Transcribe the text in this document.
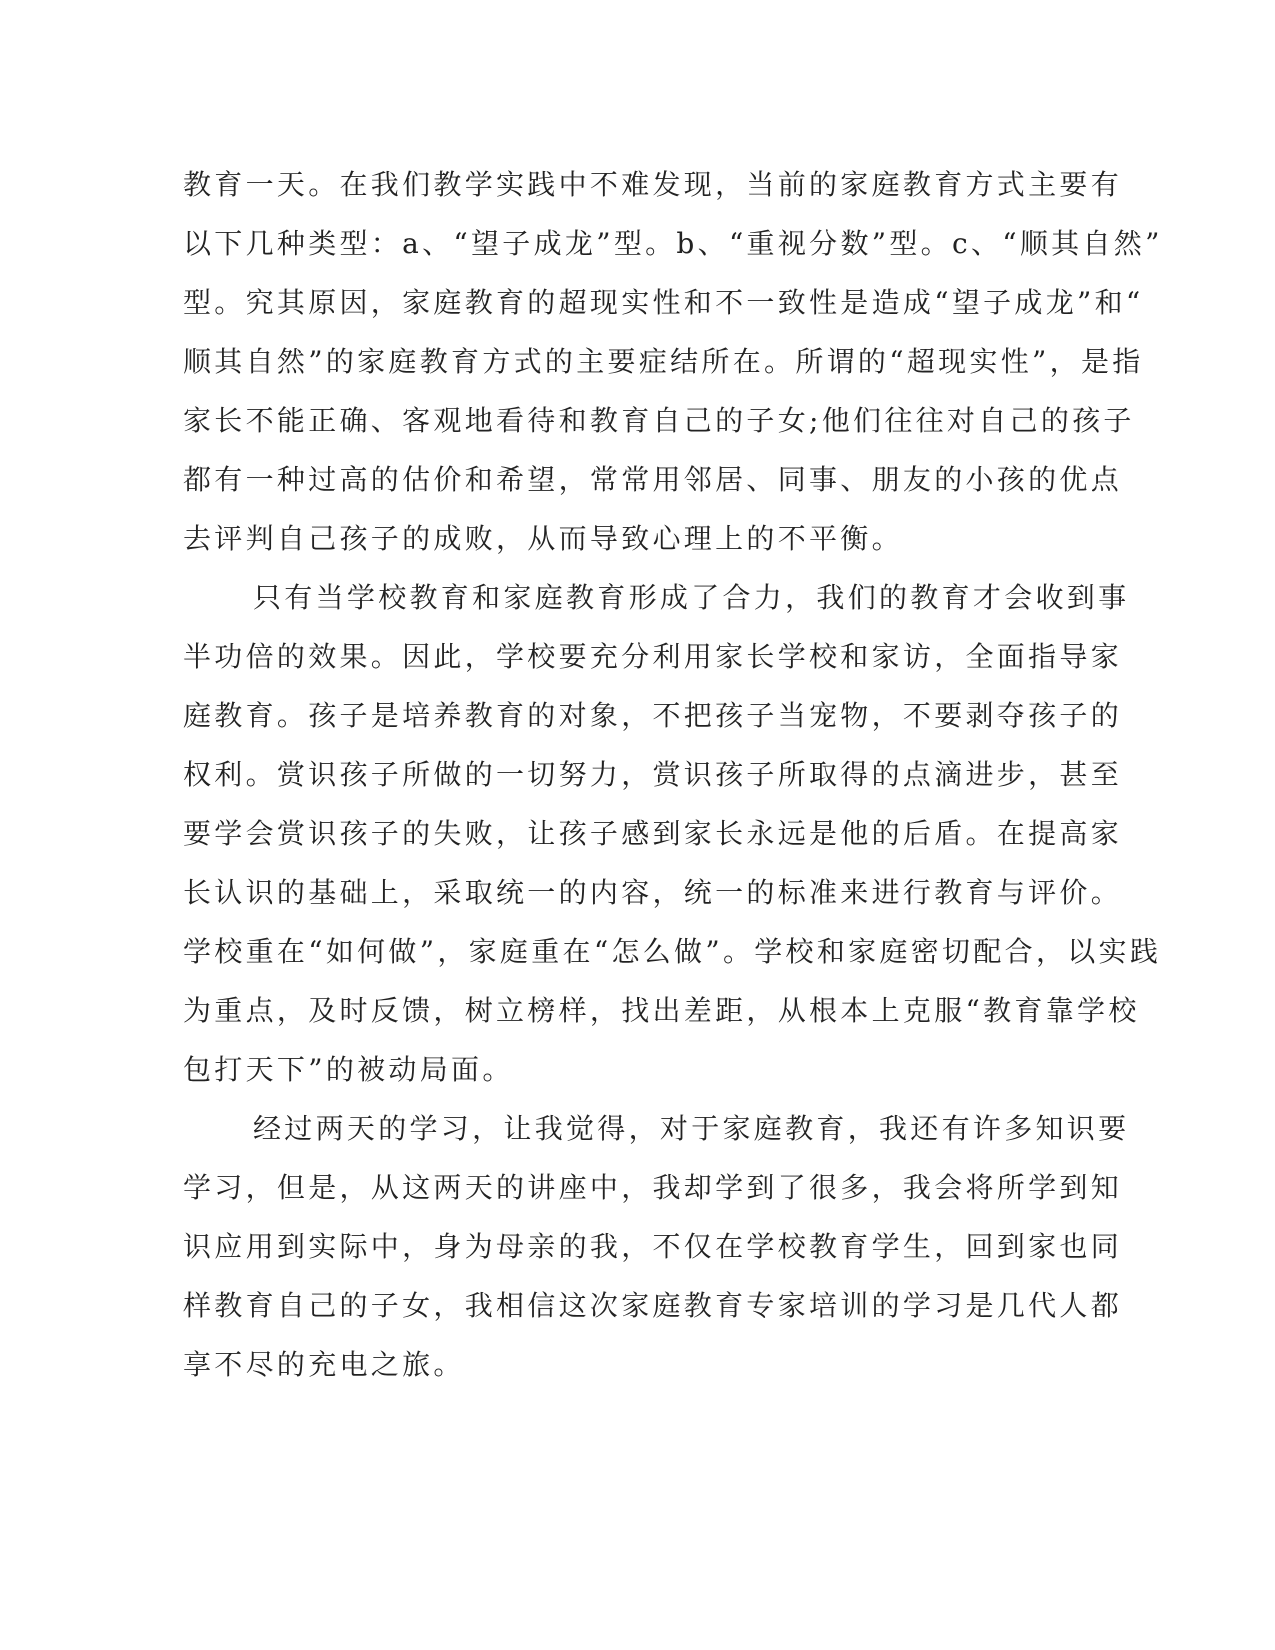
教育一天。在我们教学实践中不难发现，当前的家庭教育方式主要有
以下几种类型：a、“望子成龙”型。b、“重视分数”型。c、“顺其自然”
型。究其原因，家庭教育的超现实性和不一致性是造成“望子成龙”和“
顺其自然”的家庭教育方式的主要症结所在。所谓的“超现实性”，是指
家长不能正确、客观地看待和教育自己的子女;他们往往对自己的孩子
都有一种过高的估价和希望，常常用邻居、同事、朋友的小孩的优点
去评判自己孩子的成败，从而导致心理上的不平衡。
只有当学校教育和家庭教育形成了合力，我们的教育才会收到事
半功倍的效果。因此，学校要充分利用家长学校和家访，全面指导家
庭教育。孩子是培养教育的对象，不把孩子当宠物，不要剥夺孩子的
权利。赏识孩子所做的一切努力，赏识孩子所取得的点滴进步，甚至
要学会赏识孩子的失败，让孩子感到家长永远是他的后盾。在提高家
长认识的基础上，采取统一的内容，统一的标准来进行教育与评价。
学校重在“如何做”，家庭重在“怎么做”。学校和家庭密切配合，以实践
为重点，及时反馈，树立榜样，找出差距，从根本上克服“教育靠学校
包打天下”的被动局面。
经过两天的学习，让我觉得，对于家庭教育，我还有许多知识要
学习，但是，从这两天的讲座中，我却学到了很多，我会将所学到知
识应用到实际中，身为母亲的我，不仅在学校教育学生，回到家也同
样教育自己的子女，我相信这次家庭教育专家培训的学习是几代人都
享不尽的充电之旅。
